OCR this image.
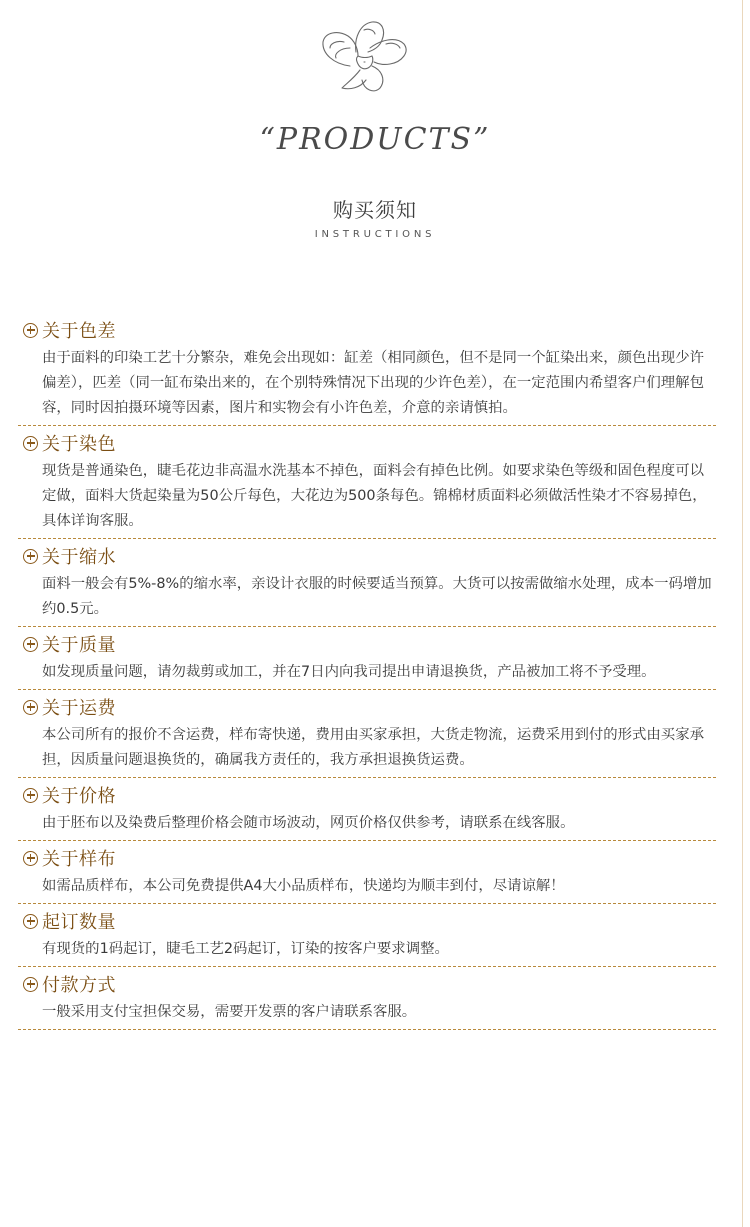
“PRODUCTS”
购买须知
INSTRUCTIONS
关于色差
由于面料的印染工艺十分繁杂，难免会出现如：缸差（相同颜色，但不是同一个缸染出来，颜色出现少许偏差），匹差（同一缸布染出来的，在个别特殊情况下出现的少许色差），在一定范围内希望客户们理解包容，同时因拍摄环境等因素，图片和实物会有小许色差，介意的亲请慎拍。
关于染色
现货是普通染色，睫毛花边非高温水洗基本不掉色，面料会有掉色比例。如要求染色等级和固色程度可以定做，面料大货起染量为50公斤每色，大花边为500条每色。锦棉材质面料必须做活性染才不容易掉色，具体详询客服。
关于缩水
面料一般会有5%-8%的缩水率，亲设计衣服的时候要适当预算。大货可以按需做缩水处理，成本一码增加约0.5元。
关于质量
如发现质量问题，请勿裁剪或加工，并在7日内向我司提出申请退换货，产品被加工将不予受理。
关于运费
本公司所有的报价不含运费，样布寄快递，费用由买家承担，大货走物流，运费采用到付的形式由买家承担，因质量问题退换货的，确属我方责任的，我方承担退换货运费。
关于价格
由于胚布以及染费后整理价格会随市场波动，网页价格仅供参考，请联系在线客服。
关于样布
如需品质样布，本公司免费提供A4大小品质样布，快递均为顺丰到付，尽请谅解！
起订数量
有现货的1码起订，睫毛工艺2码起订，订染的按客户要求调整。
付款方式
一般采用支付宝担保交易，需要开发票的客户请联系客服。
